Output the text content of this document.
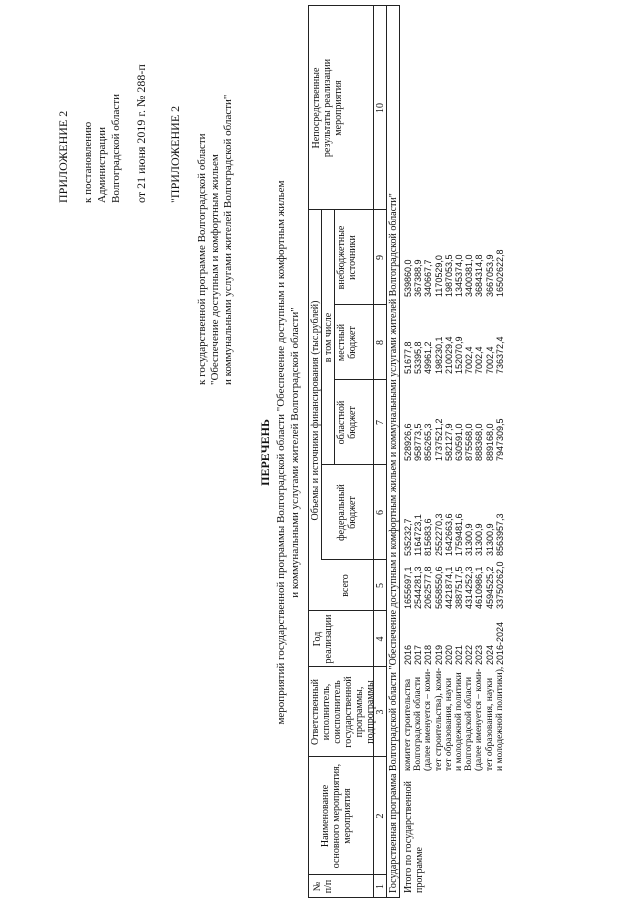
ПРИЛОЖЕНИЕ 2 к постановлению Администрации Волгоградской области от 21 июня 2019 г. № 288-п "ПРИЛОЖЕНИЕ 2 к государственной программе Волгоградской области "Обеспечение доступным и комфортным жильем и коммунальными услугами жителей Волгоградской области"
ПЕРЕЧЕНЬ мероприятий государственной программы Волгоградской области "Обеспечение доступным и комфортным жильем и коммунальными услугами жителей Волгоградской области"
№ п/п
Наименование основного мероприятия, мероприятия
Ответственный исполнитель, соисполнитель государственной программы, подпрограммы
Год реализации
Объемы и источники финансирования (тыс.рублей)
всего
в том числе
федеральный бюджет
областной бюджет
местный бюджет
внебюджетные источники
Непосредственные результаты реализации мероприятия
1
2
3
4
5
6
7
8
9
10
Государственная программа Волгоградской области "Обеспечение доступным и комфортным жильем и коммунальными услугами жителей Волгоградской области" Итого по государственной программе
комитет строительства Волгоградской области (далее именуется – коми- тет строительства), коми- тет образования, науки и молодежной политики Волгоградской области (далее именуется – коми- тет образования, науки и молодежной политики),
2016
1655697,1
535232,7
528926,6
51677,8
539860,0
2017
2544281,3
1164723,1
958773,5
53395,8
367388,9
2018
2062577,8
815683,6
856265,3
49961,2
340667,7
2019
5658550,6
2552270,3
1737521,2
198230,1
1170529,0
2020
4421874,1
1642663,6
582127,9
210029,4
1987053,5
2021
3887517,5
1759481,6
630591,0
152070,9
1345374,0
2022
4314252,3
31300,9
875568,0
7002,4
3400381,0
2023
4610986,1
31300,9
888368,0
7002,4
3684314,8
2024
4594525,2
31300,9
889168,0
7002,4
3667053,9
2016-2024
33750262,0
8563957,3
7947309,5
736372,4
16502622,8
